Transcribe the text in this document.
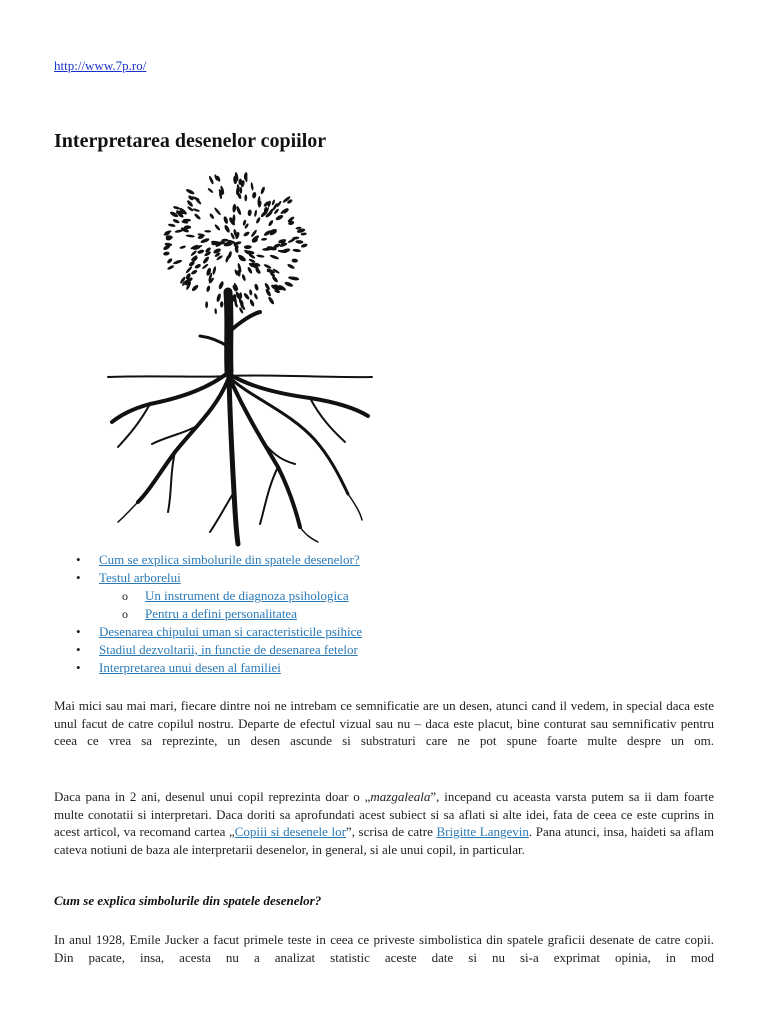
http://www.7p.ro/
Interpretarea desenelor copiilor
• Cum se explica simbolurile din spatele desenelor?
• Testul arborelui
o Un instrument de diagnoza psihologica
o Pentru a defini personalitatea
• Desenarea chipului uman si caracteristicile psihice
• Stadiul dezvoltarii, in functie de desenarea fetelor
• Interpretarea unui desen al familiei

Mai mici sau mai mari, fiecare dintre noi ne intrebam ce semnificatie are un desen, atunci cand il vedem, in special daca este unul facut de catre copilul nostru. Departe de efectul vizual sau nu – daca este placut, bine conturat sau semnificativ pentru ceea ce vrea sa reprezinte, un desen ascunde si substraturi care ne pot spune foarte multe despre un om.

Daca pana in 2 ani, desenul unui copil reprezinta doar o „mazgaleala”, incepand cu aceasta varsta putem sa ii dam foarte multe conotatii si interpretari. Daca doriti sa aprofundati acest subiect si sa aflati si alte idei, fata de ceea ce este cuprins in acest articol, va recomand cartea „Copiii si desenele lor”, scrisa de catre Brigitte Langevin. Pana atunci, insa, haideti sa aflam cateva notiuni de baza ale interpretarii desenelor, in general, si ale unui copil, in particular.

Cum se explica simbolurile din spatele desenelor?

In anul 1928, Emile Jucker a facut primele teste in ceea ce priveste simbolistica din spatele graficii desenate de catre copii. Din pacate, insa, acesta nu a analizat statistic aceste date si nu si-a exprimat opinia, in mod
